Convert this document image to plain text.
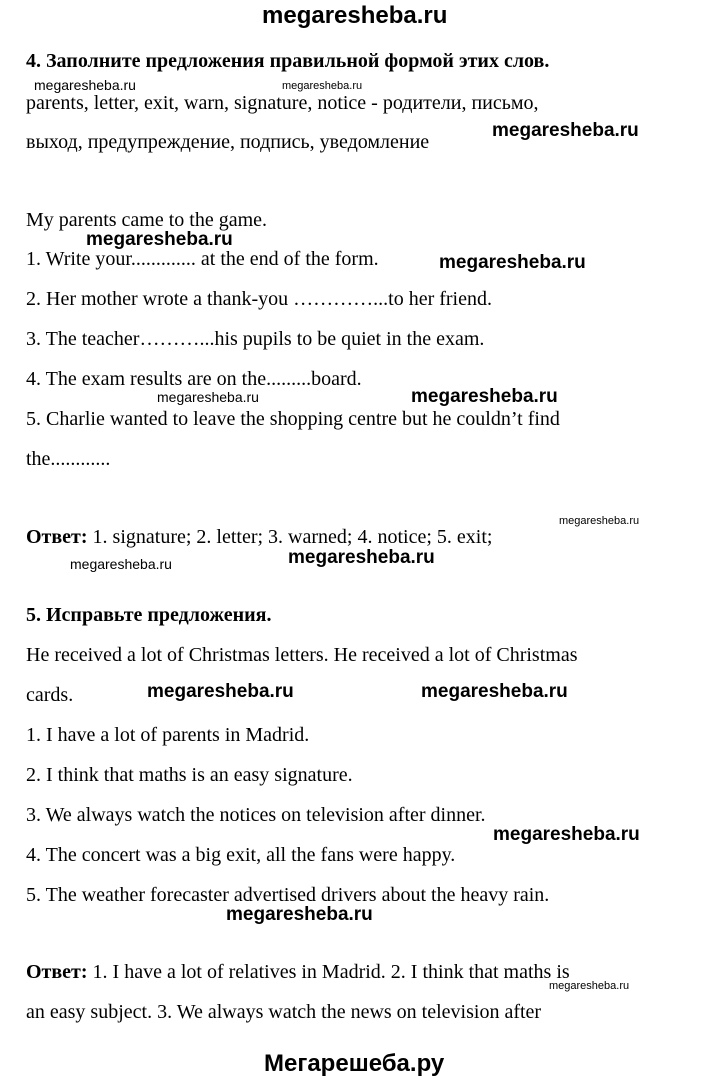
megaresheba.ru
4. Заполните предложения правильной формой этих слов.
parents, letter, exit, warn, signature, notice - родители, письмо,
выход, предупреждение, подпись, уведомление
My parents came to the game.
1. Write your............. at the end of the form.
2. Her mother wrote a thank-you …………...to her friend.
3. The teacher………...his pupils to be quiet in the exam.
4. The exam results are on the.........board.
5. Charlie wanted to leave the shopping centre but he couldn’t find
the............
Ответ: 1. signature; 2. letter; 3. warned; 4. notice; 5. exit;
5. Исправьте предложения.
He received a lot of Christmas letters. He received a lot of Christmas
cards.
1. I have a lot of parents in Madrid.
2. I think that maths is an easy signature.
3. We always watch the notices on television after dinner.
4. The concert was a big exit, all the fans were happy.
5. The weather forecaster advertised drivers about the heavy rain.
Ответ: 1. I have a lot of relatives in Madrid. 2. I think that maths is
an easy subject. 3. We always watch the news on television after
Мегарешеба.ру
megaresheba.ru	megaresheba.ru
megaresheba.ru
megaresheba.ru
megaresheba.ru
megaresheba.ru	megaresheba.ru
megaresheba.ru
megaresheba.ru	megaresheba.ru
megaresheba.ru	megaresheba.ru
megaresheba.ru
megaresheba.ru
megaresheba.ru
